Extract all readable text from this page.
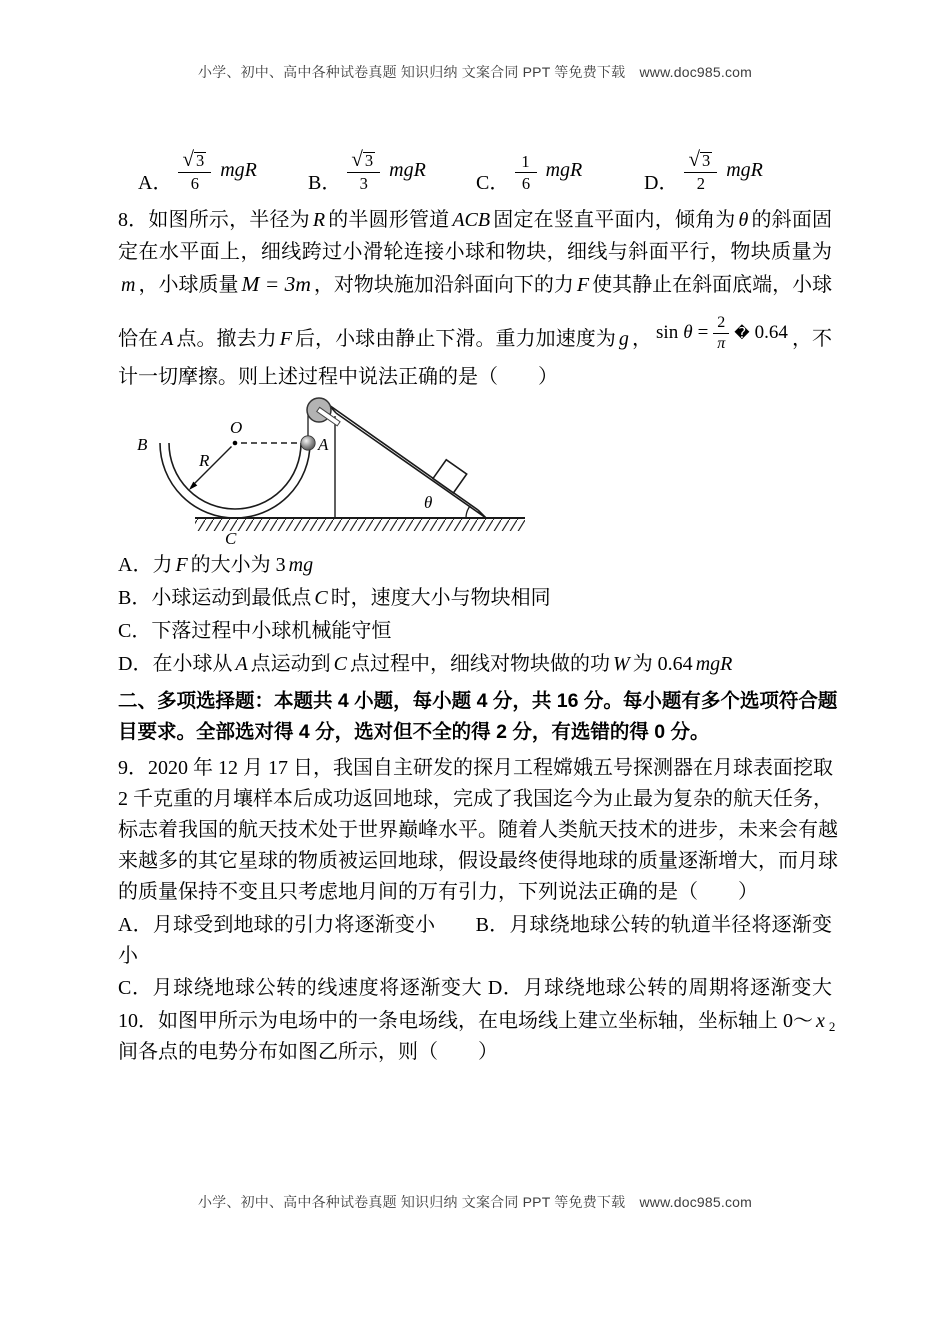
小学、初中、高中各种试卷真题 知识归纳 文案合同 PPT 等免费下载　www.doc985.com
A． $\frac{√ 3}{6}$ mgR
B． $\frac{√ 3}{3}$ mgR
C． $\frac{1}{6}$ mgR
D． $\frac{√ 3}{2}$ mgR
8．如图所示，半径为 R 的半圆形管道 ACB 固定在竖直平面内，倾角为 θ 的斜面固
定在水平面上，细线跨过小滑轮连接小球和物块，细线与斜面平行，物块质量为
m ，小球质量 M = 3m ，对物块施加沿斜面向下的力 F 使其静止在斜面底端，小球
恰在 A 点。撤去力 F 后，小球由静止下滑。重力加速度为 g ， $\sin \theta = \frac{2}{\pi}$ � 0.64 ，不
计一切摩擦。则上述过程中说法正确的是（　　）
B
O
R
A
C
θ
A．力 F 的大小为 3 mg
B．小球运动到最低点 C 时，速度大小与物块相同
C．下落过程中小球机械能守恒
D．在小球从 A 点运动到 C 点过程中，细线对物块做的功 W 为 0.64 mgR
二、多项选择题：本题共 4 小题，每小题 4 分，共 16 分。每小题有多个选项符合题
目要求。全部选对得 4 分，选对但不全的得 2 分，有选错的得 0 分。
9．2020 年 12 月 17 日，我国自主研发的探月工程嫦娥五号探测器在月球表面挖取
2 千克重的月壤样本后成功返回地球，完成了我国迄今为止最为复杂的航天任务，
标志着我国的航天技术处于世界巅峰水平。随着人类航天技术的进步，未来会有越
来越多的其它星球的物质被运回地球，假设最终使得地球的质量逐渐增大，而月球
的质量保持不变且只考虑地月间的万有引力，下列说法正确的是（　　）
A．月球受到地球的引力将逐渐变小　　B．月球绕地球公转的轨道半径将逐渐变
小
C．月球绕地球公转的线速度将逐渐变大 D．月球绕地球公转的周期将逐渐变大
10．如图甲所示为电场中的一条电场线，在电场线上建立坐标轴，坐标轴上 0～ x $_2$
间各点的电势分布如图乙所示，则（　　）
小学、初中、高中各种试卷真题 知识归纳 文案合同 PPT 等免费下载　www.doc985.com
